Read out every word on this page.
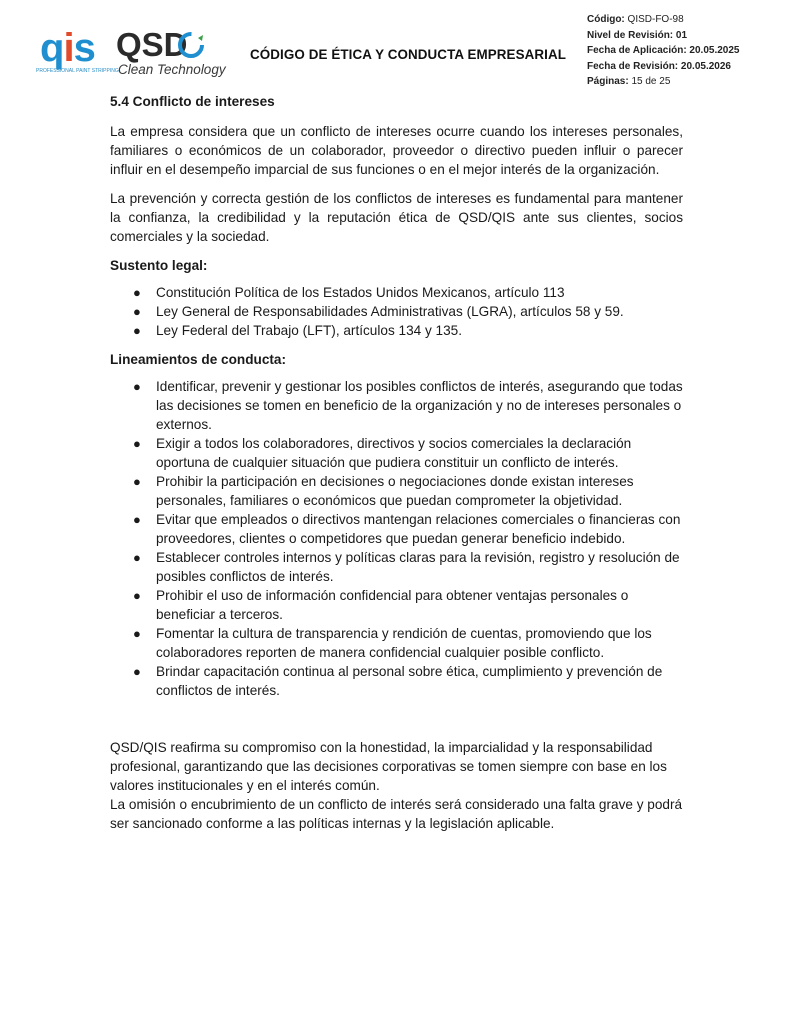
qis
PROFESSIONAL PAINT STRIPPING
QSD
Clean Technology
CÓDIGO DE ÉTICA Y CONDUCTA EMPRESARIAL
Código: QISD-FO-98
Nivel de Revisión: 01
Fecha de Aplicación: 20.05.2025
Fecha de Revisión: 20.05.2026
Páginas: 15 de 25

5.4 Conflicto de intereses

La empresa considera que un conflicto de intereses ocurre cuando los intereses personales, familiares o económicos de un colaborador, proveedor o directivo pueden influir o parecer influir en el desempeño imparcial de sus funciones o en el mejor interés de la organización.

La prevención y correcta gestión de los conflictos de intereses es fundamental para mantener la confianza, la credibilidad y la reputación ética de QSD/QIS ante sus clientes, socios comerciales y la sociedad.

Sustento legal:

● Constitución Política de los Estados Unidos Mexicanos, artículo 113
● Ley General de Responsabilidades Administrativas (LGRA), artículos 58 y 59.
● Ley Federal del Trabajo (LFT), artículos 134 y 135.

Lineamientos de conducta:

● Identificar, prevenir y gestionar los posibles conflictos de interés, asegurando que todas las decisiones se tomen en beneficio de la organización y no de intereses personales o externos.
● Exigir a todos los colaboradores, directivos y socios comerciales la declaración oportuna de cualquier situación que pudiera constituir un conflicto de interés.
● Prohibir la participación en decisiones o negociaciones donde existan intereses personales, familiares o económicos que puedan comprometer la objetividad.
● Evitar que empleados o directivos mantengan relaciones comerciales o financieras con proveedores, clientes o competidores que puedan generar beneficio indebido.
● Establecer controles internos y políticas claras para la revisión, registro y resolución de posibles conflictos de interés.
● Prohibir el uso de información confidencial para obtener ventajas personales o beneficiar a terceros.
● Fomentar la cultura de transparencia y rendición de cuentas, promoviendo que los colaboradores reporten de manera confidencial cualquier posible conflicto.
● Brindar capacitación continua al personal sobre ética, cumplimiento y prevención de conflictos de interés.

QSD/QIS reafirma su compromiso con la honestidad, la imparcialidad y la responsabilidad profesional, garantizando que las decisiones corporativas se tomen siempre con base en los valores institucionales y en el interés común.

La omisión o encubrimiento de un conflicto de interés será considerado una falta grave y podrá ser sancionado conforme a las políticas internas y la legislación aplicable.
